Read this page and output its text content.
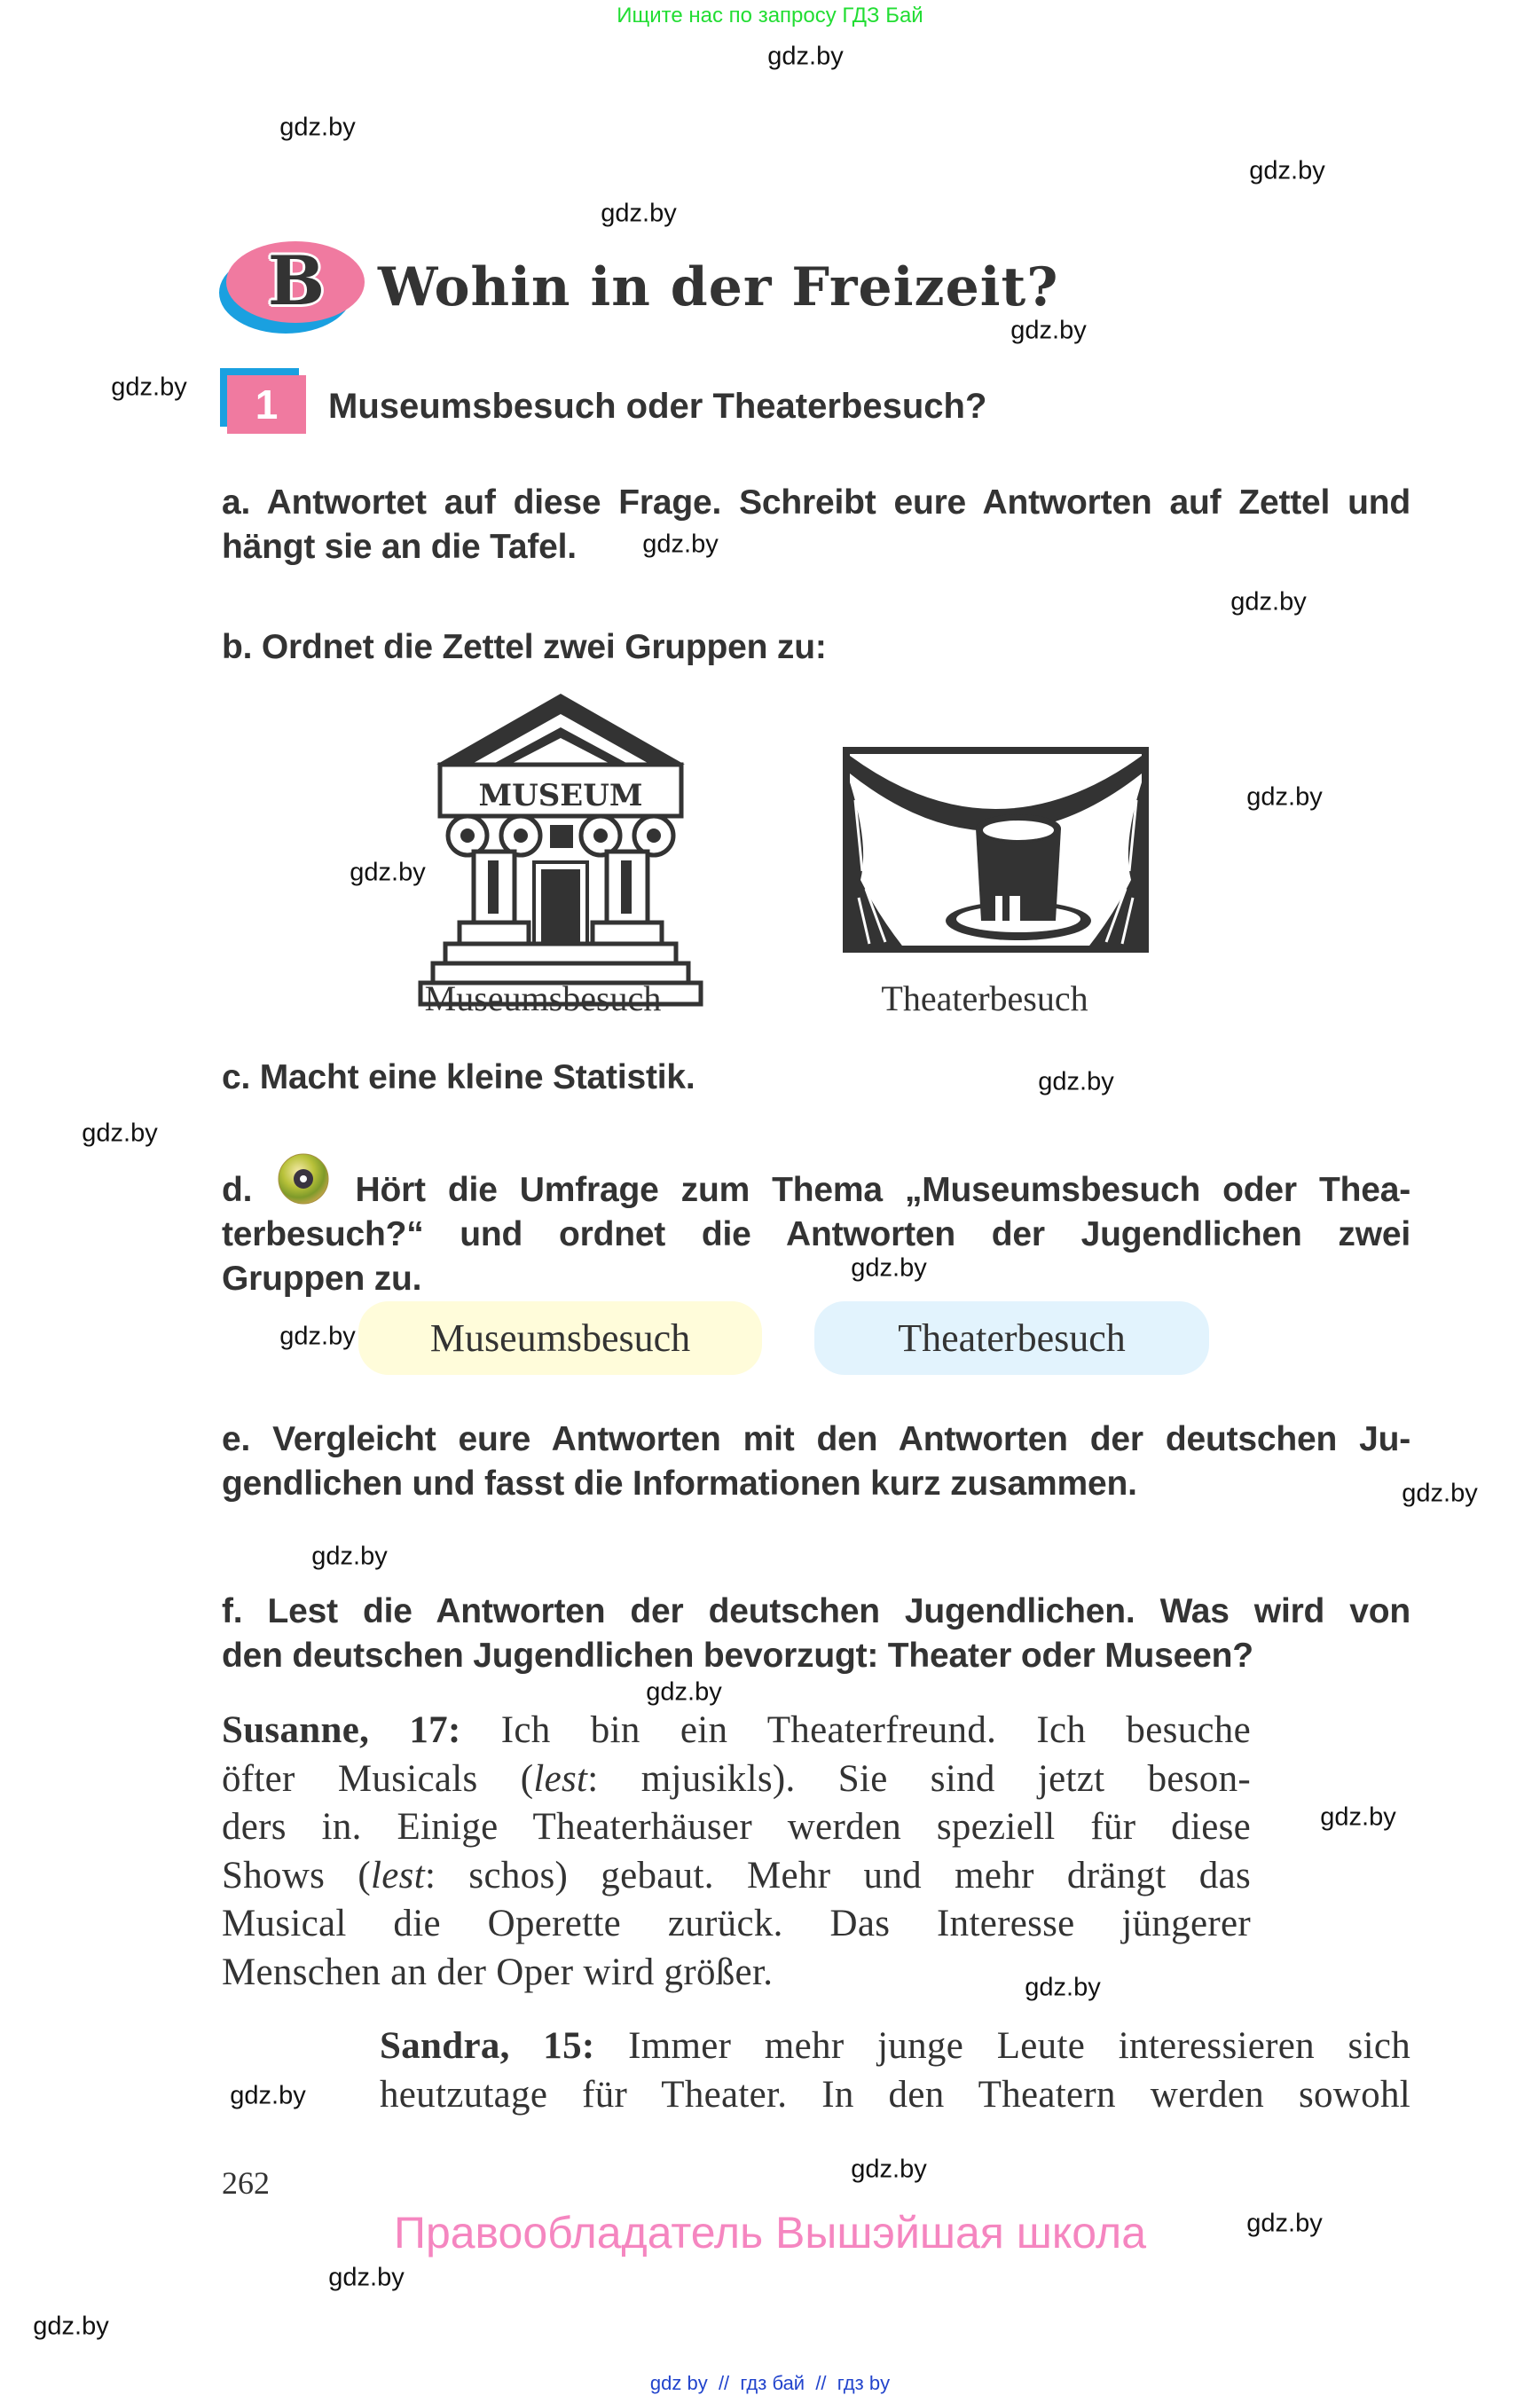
Ищите нас по запросу ГДЗ Бай
gdz.by
gdz.by
gdz.by
gdz.by
gdz.by
gdz.by
gdz.by
gdz.by
gdz.by
gdz.by
gdz.by
gdz.by
gdz.by
gdz.by
gdz.by
gdz.by
gdz.by
gdz.by
gdz.by
gdz.by
gdz.by
gdz.by
gdz.by
gdz.by
B Wohin in der Freizeit?
1 Museumsbesuch oder Theaterbesuch?
a. Antwortet auf diese Frage. Schreibt eure Antworten auf Zettel und
hängt sie an die Tafel.
b. Ordnet die Zettel zwei Gruppen zu:
MUSEUM
Museumsbesuch	Theaterbesuch
c. Macht eine kleine Statistik.
d.	Hört die Umfrage zum Thema „Museumsbesuch oder Thea-
terbesuch?“ und ordnet die Antworten der Jugendlichen zwei
Gruppen zu.
Museumsbesuch	Theaterbesuch
e. Vergleicht eure Antworten mit den Antworten der deutschen Ju-
gendlichen und fasst die Informationen kurz zusammen.
f. Lest die Antworten der deutschen Jugendlichen. Was wird von
den deutschen Jugendlichen bevorzugt: Theater oder Museen?
Susanne, 17: Ich bin ein Theaterfreund. Ich besuche
öfter Musicals (lest: mjusikls). Sie sind jetzt beson-
ders in. Einige Theaterhäuser werden speziell für diese
Shows (lest: schos) gebaut. Mehr und mehr drängt das
Musical die Operette zurück. Das Interesse jüngerer
Menschen an der Oper wird größer.
Sandra, 15: Immer mehr junge Leute interessieren sich
heutzutage für Theater. In den Theatern werden sowohl
262
Правообладатель Вышэйшая школа
gdz by  //  гдз бай  //  гдз by
